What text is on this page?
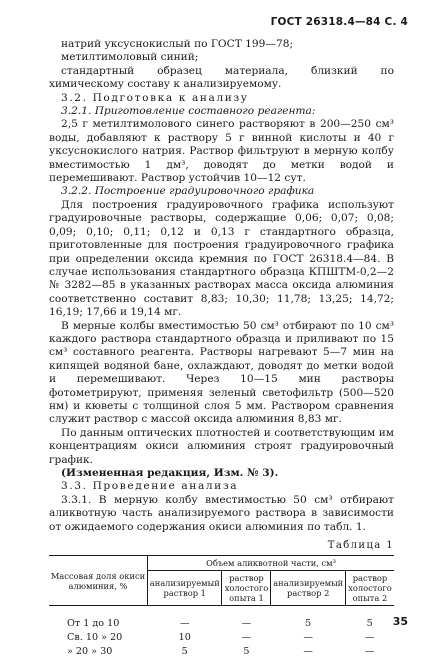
ГОСТ 26318.4—84 С. 4

натрий уксуснокислый по ГОСТ 199—78;

метилтимоловый синий;

стандартный образец материала, близкий по химическому составу к анализируемому.

3.2. Подготовка к анализу

3.2.1. Приготовление составного реагента:

2,5 г метилтимолового синего растворяют в 200—250 см³ воды, добавляют к раствору 5 г винной кислоты и 40 г уксуснокислого натрия. Раствор фильтруют в мерную колбу вместимостью 1 дм³, доводят до метки водой и перемешивают. Раствор устойчив 10—12 сут.

3.2.2. Построение градуировочного графика

Для построения градуировочного графика используют градуировочные растворы, содержащие 0,06; 0,07; 0,08; 0,09; 0,10; 0,11; 0,12 и 0,13 г стандартного образца, приготовленные для построения градуировочного графика при определении оксида кремния по ГОСТ 26318.4—84. В случае использования стандартного образца КПШТМ-0,2—2 № 3282—85 в указанных растворах масса оксида алюминия соответственно составит 8,83; 10,30; 11,78; 13,25; 14,72; 16,19; 17,66 и 19,14 мг.

В мерные колбы вместимостью 50 см³ отбирают по 10 см³ каждого раствора стандартного образца и приливают по 15 см³ составного реагента. Растворы нагревают 5—7 мин на кипящей водяной бане, охлаждают, доводят до метки водой и перемешивают. Через 10—15 мин растворы фотометрируют, применяя зеленый светофильтр (500—520 нм) и кюветы с толщиной слоя 5 мм. Раствором сравнения служит раствор с массой оксида алюминия 8,83 мг.

По данным оптических плотностей и соответствующим им концентрациям окиси алюминия строят градуировочный график.

(Измененная редакция, Изм. № 3).

3.3. Проведение анализа

3.3.1. В мерную колбу вместимостью 50 см³ отбирают аликвотную часть анализируемого раствора в зависимости от ожидаемого содержания окиси алюминия по табл. 1.

Таблица 1
Массовая доля окиси алюминия, %	Объем аликвотной части, см³			
	анализируемый раствор 1	раствор холостого опыта 1	анализируемый раствор 2	раствор холостого опыта 2

От 1 до 10	—	—	5	5
Св. 10 » 20	10	—	—	—
» 20 » 30	5	5	—	—
35
